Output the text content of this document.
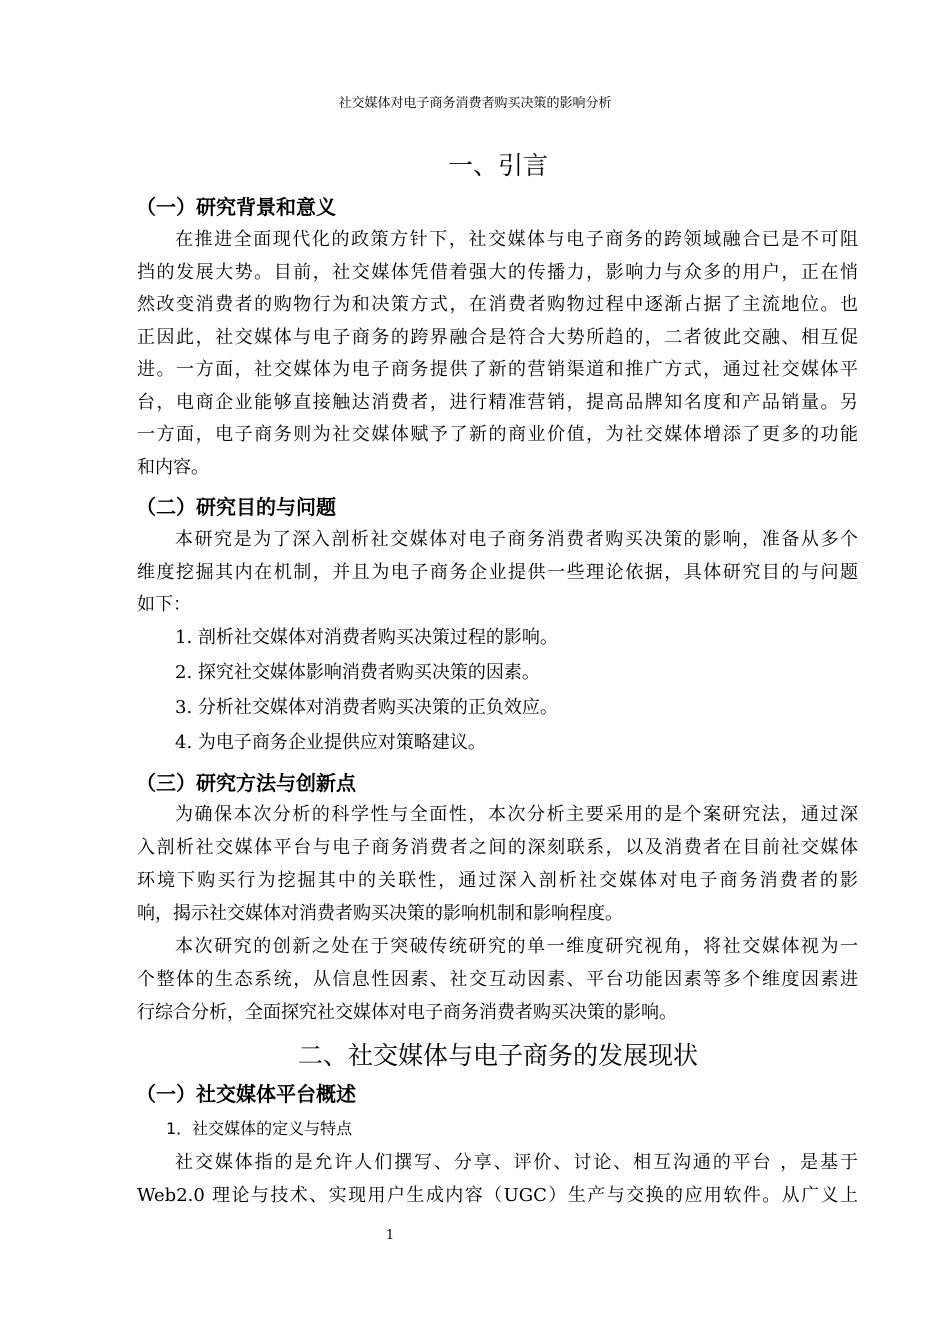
社交媒体对电子商务消费者购买决策的影响分析
一、引言
（一）研究背景和意义
在推进全面现代化的政策方针下，社交媒体与电子商务的跨领域融合已是不可阻
挡的发展大势。目前，社交媒体凭借着强大的传播力，影响力与众多的用户，正在悄
然改变消费者的购物行为和决策方式，在消费者购物过程中逐渐占据了主流地位。也
正因此，社交媒体与电子商务的跨界融合是符合大势所趋的，二者彼此交融、相互促
进。一方面，社交媒体为电子商务提供了新的营销渠道和推广方式，通过社交媒体平
台，电商企业能够直接触达消费者，进行精准营销，提高品牌知名度和产品销量。另
一方面，电子商务则为社交媒体赋予了新的商业价值，为社交媒体增添了更多的功能
和内容。
（二）研究目的与问题
本研究是为了深入剖析社交媒体对电子商务消费者购买决策的影响，准备从多个
维度挖掘其内在机制，并且为电子商务企业提供一些理论依据，具体研究目的与问题
如下：
1. 剖析社交媒体对消费者购买决策过程的影响。
2. 探究社交媒体影响消费者购买决策的因素。
3. 分析社交媒体对消费者购买决策的正负效应。
4. 为电子商务企业提供应对策略建议。
（三）研究方法与创新点
为确保本次分析的科学性与全面性，本次分析主要采用的是个案研究法，通过深
入剖析社交媒体平台与电子商务消费者之间的深刻联系，以及消费者在目前社交媒体
环境下购买行为挖掘其中的关联性，通过深入剖析社交媒体对电子商务消费者的影
响，揭示社交媒体对消费者购买决策的影响机制和影响程度。
本次研究的创新之处在于突破传统研究的单一维度研究视角，将社交媒体视为一
个整体的生态系统，从信息性因素、社交互动因素、平台功能因素等多个维度因素进
行综合分析，全面探究社交媒体对电子商务消费者购买决策的影响。
二、社交媒体与电子商务的发展现状
（一）社交媒体平台概述
1．社交媒体的定义与特点
社交媒体指的是允许人们撰写、分享、评价、讨论、相互沟通的平台 ，是基于
Web2.0 理论与技术、实现用户生成内容（UGC）生产与交换的应用软件。从广义上
1
